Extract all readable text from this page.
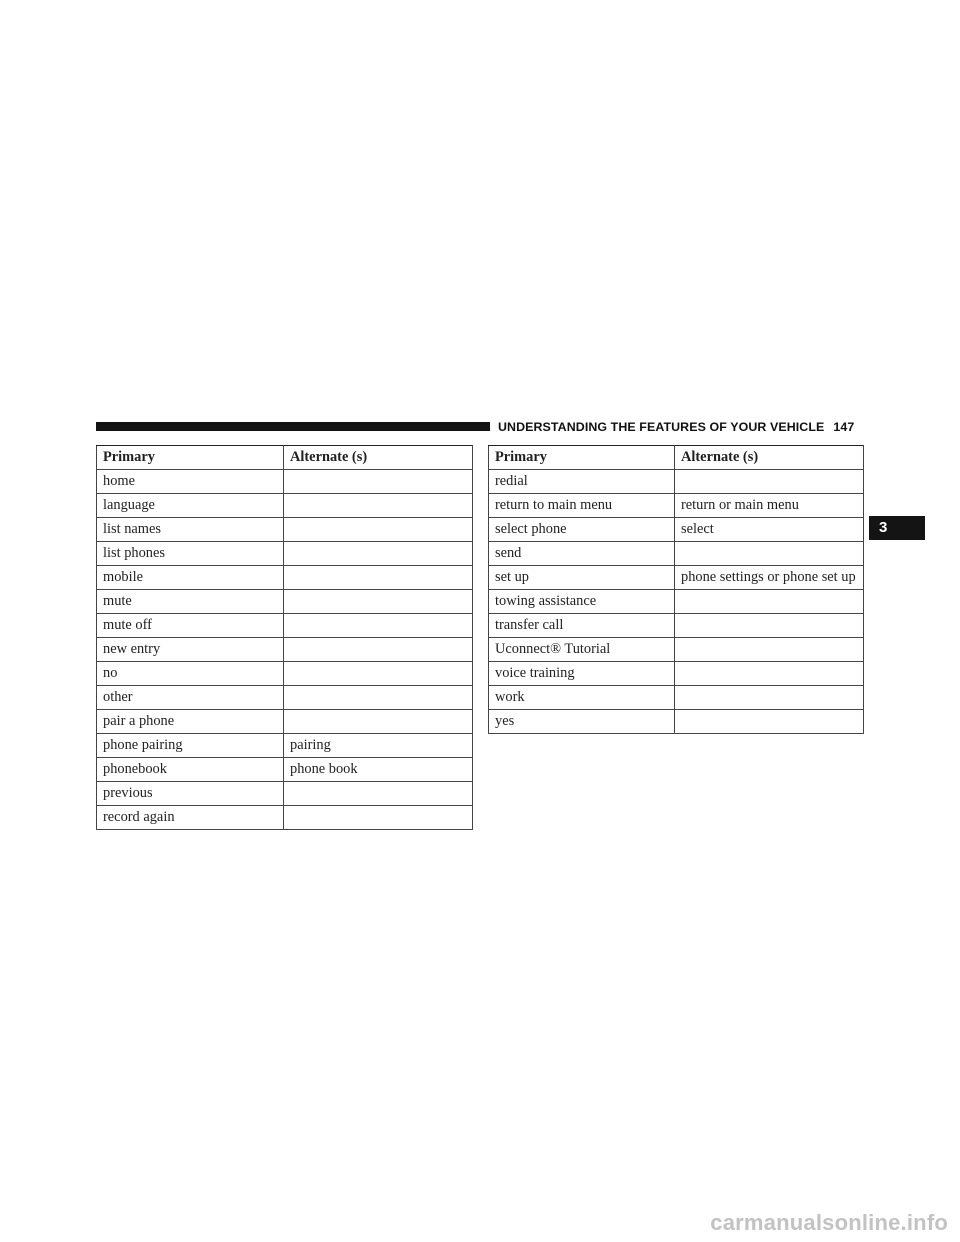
UNDERSTANDING THE FEATURES OF YOUR VEHICLE 147
3
Primary	Alternate (s)
home	
language	
list names	
list phones	
mobile	
mute	
mute off	
new entry	
no	
other	
pair a phone	
phone pairing	pairing
phonebook	phone book
previous	
record again	
Primary	Alternate (s)
redial	
return to main menu	return or main menu
select phone	select
send	
set up	phone settings or phone set up
towing assistance	
transfer call	
Uconnect® Tutorial	
voice training	
work	
yes	
carmanualsonline.info
